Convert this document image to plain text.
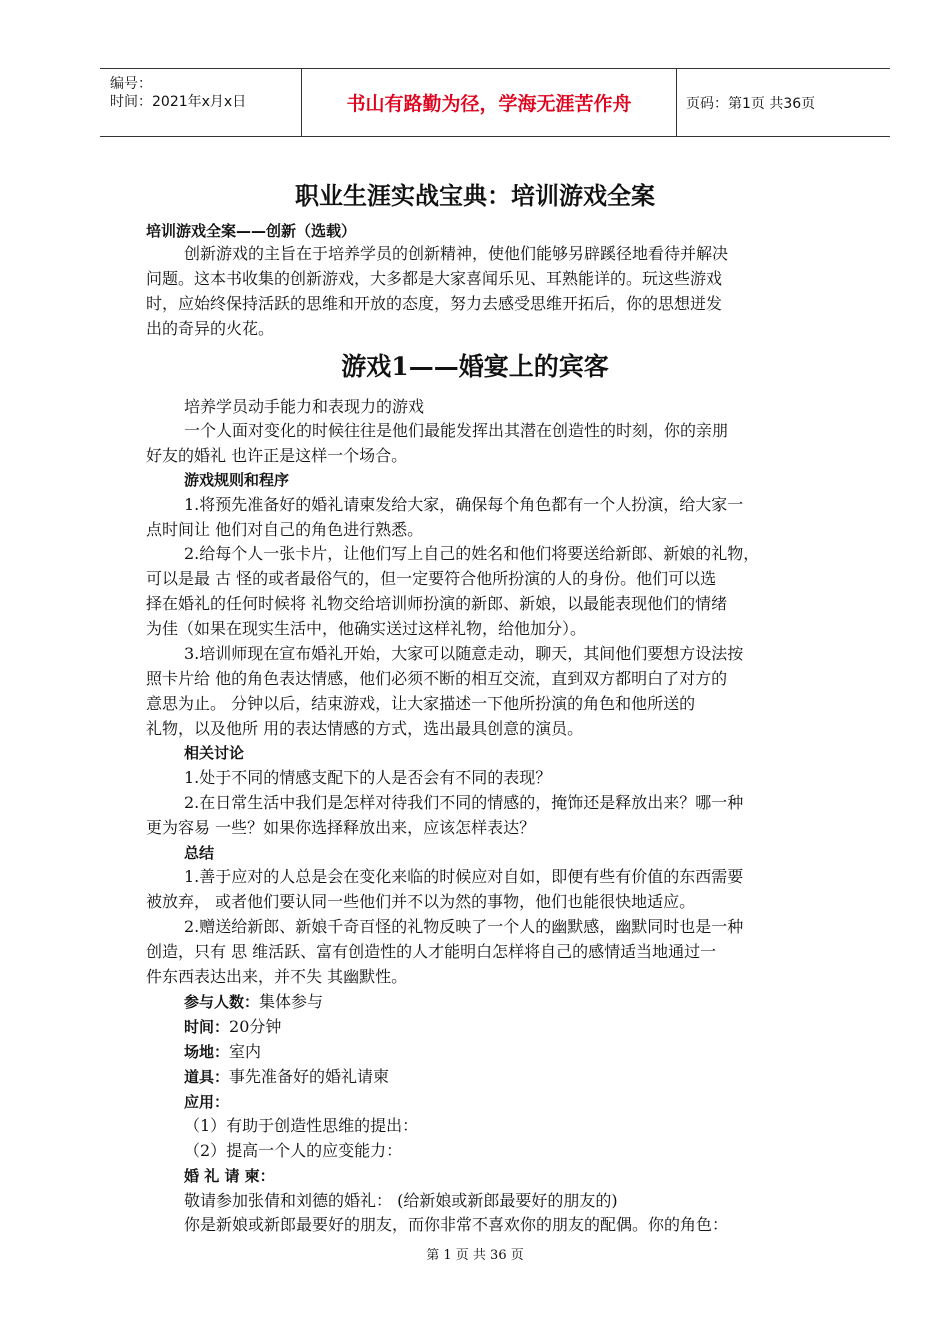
编号：
时间：2021年x月x日	书山有路勤为径，学海无涯苦作舟	页码：第1页 共36页
职业生涯实战宝典：培训游戏全案
培训游戏全案——创新（选载）
创新游戏的主旨在于培养学员的创新精神，使他们能够另辟蹊径地看待并解决
问题。这本书收集的创新游戏，大多都是大家喜闻乐见、耳熟能详的。玩这些游戏
时，应始终保持活跃的思维和开放的态度，努力去感受思维开拓后，你的思想迸发
出的奇异的火花。
游戏1——婚宴上的宾客
培养学员动手能力和表现力的游戏
一个人面对变化的时候往往是他们最能发挥出其潜在创造性的时刻，你的亲朋
好友的婚礼 也许正是这样一个场合。
游戏规则和程序
1.将预先准备好的婚礼请柬发给大家，确保每个角色都有一个人扮演，给大家一
点时间让 他们对自己的角色进行熟悉。
2.给每个人一张卡片，让他们写上自己的姓名和他们将要送给新郎、新娘的礼物，
可以是最 古 怪的或者最俗气的，但一定要符合他所扮演的人的身份。他们可以选
择在婚礼的任何时候将 礼物交给培训师扮演的新郎、新娘，以最能表现他们的情绪
为佳（如果在现实生活中，他确实送过这样礼物，给他加分）。
3.培训师现在宣布婚礼开始，大家可以随意走动，聊天，其间他们要想方设法按
照卡片给 他的角色表达情感，他们必须不断的相互交流，直到双方都明白了对方的
意思为止。 分钟以后，结束游戏，让大家描述一下他所扮演的角色和他所送的
礼物，以及他所 用的表达情感的方式，选出最具创意的演员。
相关讨论
1.处于不同的情感支配下的人是否会有不同的表现？
2.在日常生活中我们是怎样对待我们不同的情感的，掩饰还是释放出来？哪一种
更为容易 一些？如果你选择释放出来，应该怎样表达？
总结
1.善于应对的人总是会在变化来临的时候应对自如，即便有些有价值的东西需要
被放弃， 或者他们要认同一些他们并不以为然的事物，他们也能很快地适应。
2.赠送给新郎、新娘千奇百怪的礼物反映了一个人的幽默感，幽默同时也是一种
创造，只有 思 维活跃、富有创造性的人才能明白怎样将自己的感情适当地通过一
件东西表达出来，并不失 其幽默性。
参与人数：集体参与
时间：20分钟
场地：室内
道具：事先准备好的婚礼请柬
应用：
（1）有助于创造性思维的提出：
（2）提高一个人的应变能力：
婚 礼 请 柬：
敬请参加张倩和刘德的婚礼： (给新娘或新郎最要好的朋友的)
你是新娘或新郎最要好的朋友，而你非常不喜欢你的朋友的配偶。你的角色：
第 1 页 共 36 页
